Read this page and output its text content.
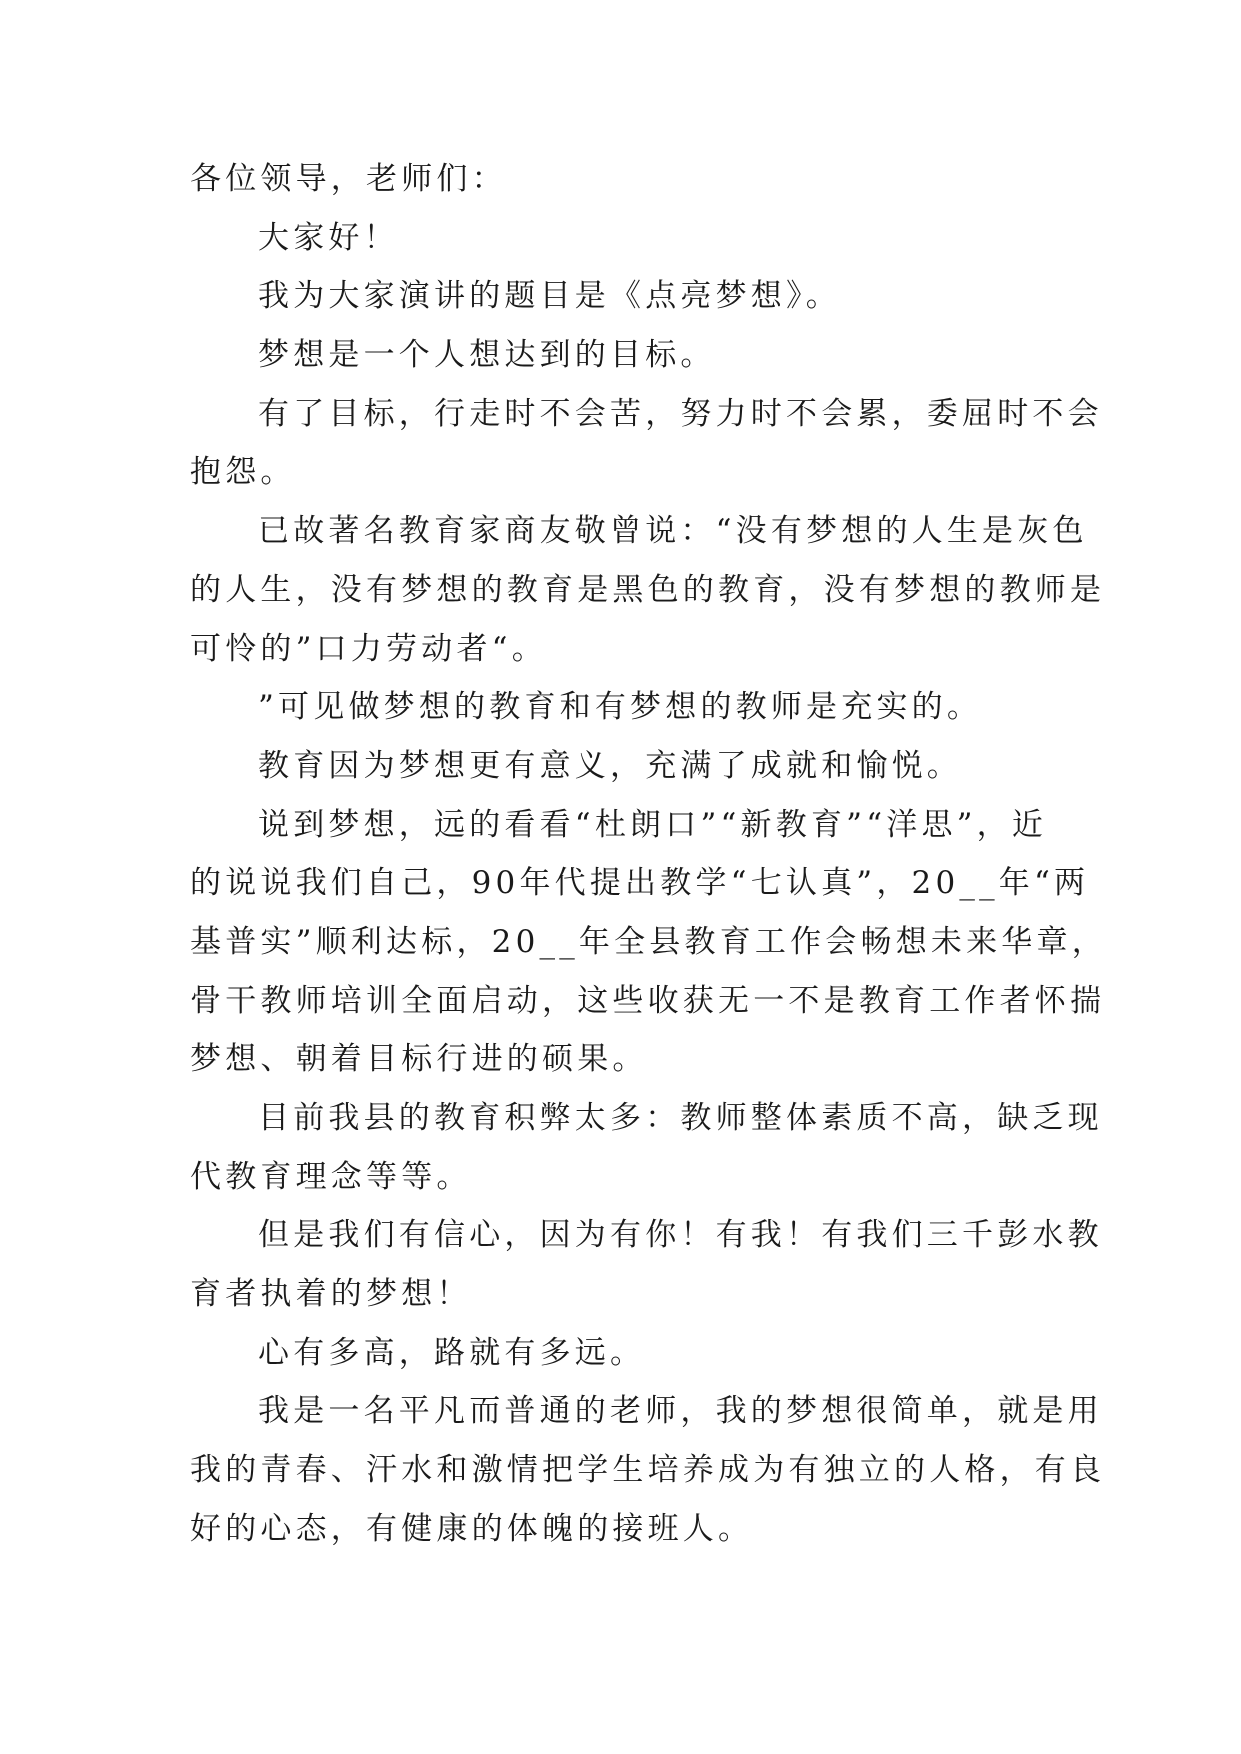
各位领导，老师们：
大家好！
我为大家演讲的题目是《点亮梦想》。
梦想是一个人想达到的目标。
有了目标，行走时不会苦，努力时不会累，委屈时不会
抱怨。
已故著名教育家商友敬曾说：“没有梦想的人生是灰色
的人生，没有梦想的教育是黑色的教育，没有梦想的教师是
可怜的”口力劳动者“。
”可见做梦想的教育和有梦想的教师是充实的。
教育因为梦想更有意义，充满了成就和愉悦。
说到梦想，远的看看“杜朗口”“新教育”“洋思”，近
的说说我们自己，90年代提出教学“七认真”，20__年“两
基普实”顺利达标，20__年全县教育工作会畅想未来华章，
骨干教师培训全面启动，这些收获无一不是教育工作者怀揣
梦想、朝着目标行进的硕果。
目前我县的教育积弊太多：教师整体素质不高，缺乏现
代教育理念等等。
但是我们有信心，因为有你！有我！有我们三千彭水教
育者执着的梦想！
心有多高，路就有多远。
我是一名平凡而普通的老师，我的梦想很简单，就是用
我的青春、汗水和激情把学生培养成为有独立的人格，有良
好的心态，有健康的体魄的接班人。
